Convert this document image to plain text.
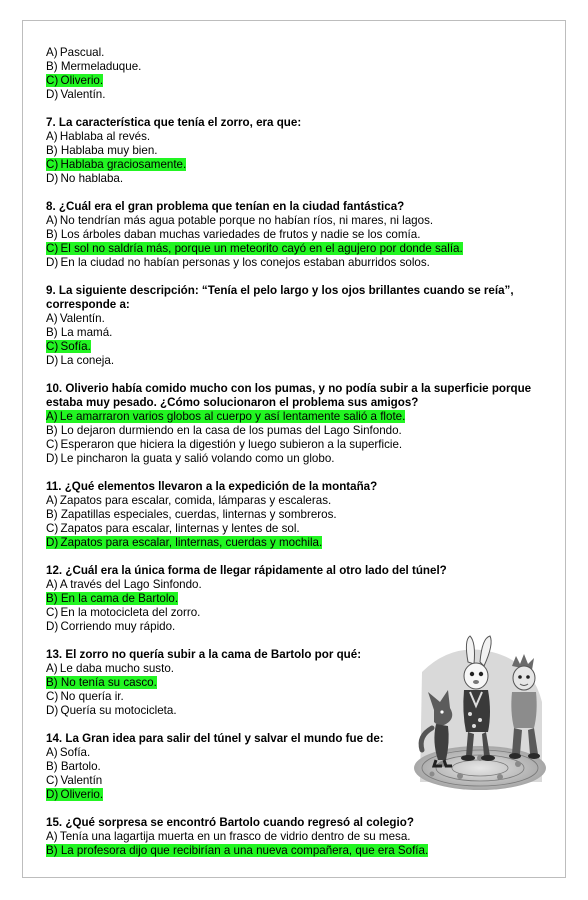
A) Pascual.
B) Mermeladuque.
C) Oliverio.
D) Valentín.
7. La característica que tenía el zorro, era que:
A) Hablaba al revés.
B) Hablaba muy bien.
C) Hablaba graciosamente.
D) No hablaba.
8. ¿Cuál era el gran problema que tenían en la ciudad fantástica?
A) No tendrían más agua potable porque no habían ríos, ni mares, ni lagos.
B) Los árboles daban muchas variedades de frutos y nadie se los comía.
C) El sol no saldría más, porque un meteorito cayó en el agujero por donde salía.
D) En la ciudad no habían personas y los conejos estaban aburridos solos.
9. La siguiente descripción: “Tenía el pelo largo y los ojos brillantes cuando se reía”, corresponde a:
A) Valentín.
B) La mamá.
C) Sofía.
D) La coneja.
10. Oliverio había comido mucho con los pumas, y no podía subir a la superficie porque estaba muy pesado. ¿Cómo solucionaron el problema sus amigos?
A) Le amarraron varios globos al cuerpo y así lentamente salió a flote.
B) Lo dejaron durmiendo en la casa de los pumas del Lago Sinfondo.
C) Esperaron que hiciera la digestión y luego subieron a la superficie.
D) Le pincharon la guata y salió volando como un globo.
11. ¿Qué elementos llevaron a la expedición de la montaña?
A) Zapatos para escalar, comida, lámparas y escaleras.
B) Zapatillas especiales, cuerdas, linternas y sombreros.
C) Zapatos para escalar, linternas y lentes de sol.
D) Zapatos para escalar, linternas, cuerdas y mochila.
12. ¿Cuál era la única forma de llegar rápidamente al otro lado del túnel?
A) A través del Lago Sinfondo.
B) En la cama de Bartolo.
C) En la motocicleta del zorro.
D) Corriendo muy rápido.
13. El zorro no quería subir a la cama de Bartolo por qué:
A) Le daba mucho susto.
B) No tenía su casco.
C) No quería ir.
D) Quería su motocicleta.
14. La Gran idea para salir del túnel y salvar el mundo fue de:
A) Sofía.
B) Bartolo.
C) Valentín
D) Oliverio.
15. ¿Qué sorpresa se encontró Bartolo cuando regresó al colegio?
A) Tenía una lagartija muerta en un frasco de vidrio dentro de su mesa.
B) La profesora dijo que recibirían a una nueva compañera, que era Sofía.
